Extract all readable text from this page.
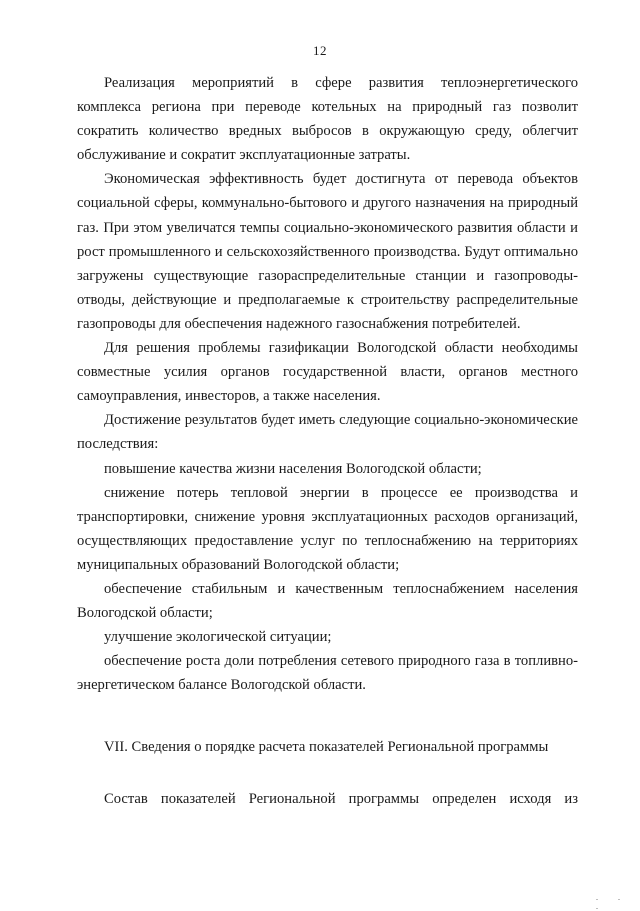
12

Реализация мероприятий в сфере развития теплоэнергетического комплекса региона при переводе котельных на природный газ позволит сократить количество вредных выбросов в окружающую среду, облегчит обслуживание и сократит эксплуатационные затраты.

Экономическая эффективность будет достигнута от перевода объектов социальной сферы, коммунально-бытового и другого назначения на природный газ. При этом увеличатся темпы социально-экономического развития области и рост промышленного и сельскохозяйственного производства. Будут оптимально загружены существующие газораспределительные станции и газопроводы-отводы, действующие и предполагаемые к строительству распределительные газопроводы для обеспечения надежного газоснабжения потребителей.

Для решения проблемы газификации Вологодской области необходимы совместные усилия органов государственной власти, органов местного самоуправления, инвесторов, а также населения.

Достижение результатов будет иметь следующие социально-экономические последствия:

повышение качества жизни населения Вологодской области;

снижение потерь тепловой энергии в процессе ее производства и транспортировки, снижение уровня эксплуатационных расходов организаций, осуществляющих предоставление услуг по теплоснабжению на территориях муниципальных образований Вологодской области;

обеспечение стабильным и качественным теплоснабжением населения Вологодской области;

улучшение экологической ситуации;

обеспечение роста доли потребления сетевого природного газа в топливно-энергетическом балансе Вологодской области.

VII. Сведения о порядке расчета показателей Региональной программы

Состав показателей Региональной программы определен исходя из

.. .
